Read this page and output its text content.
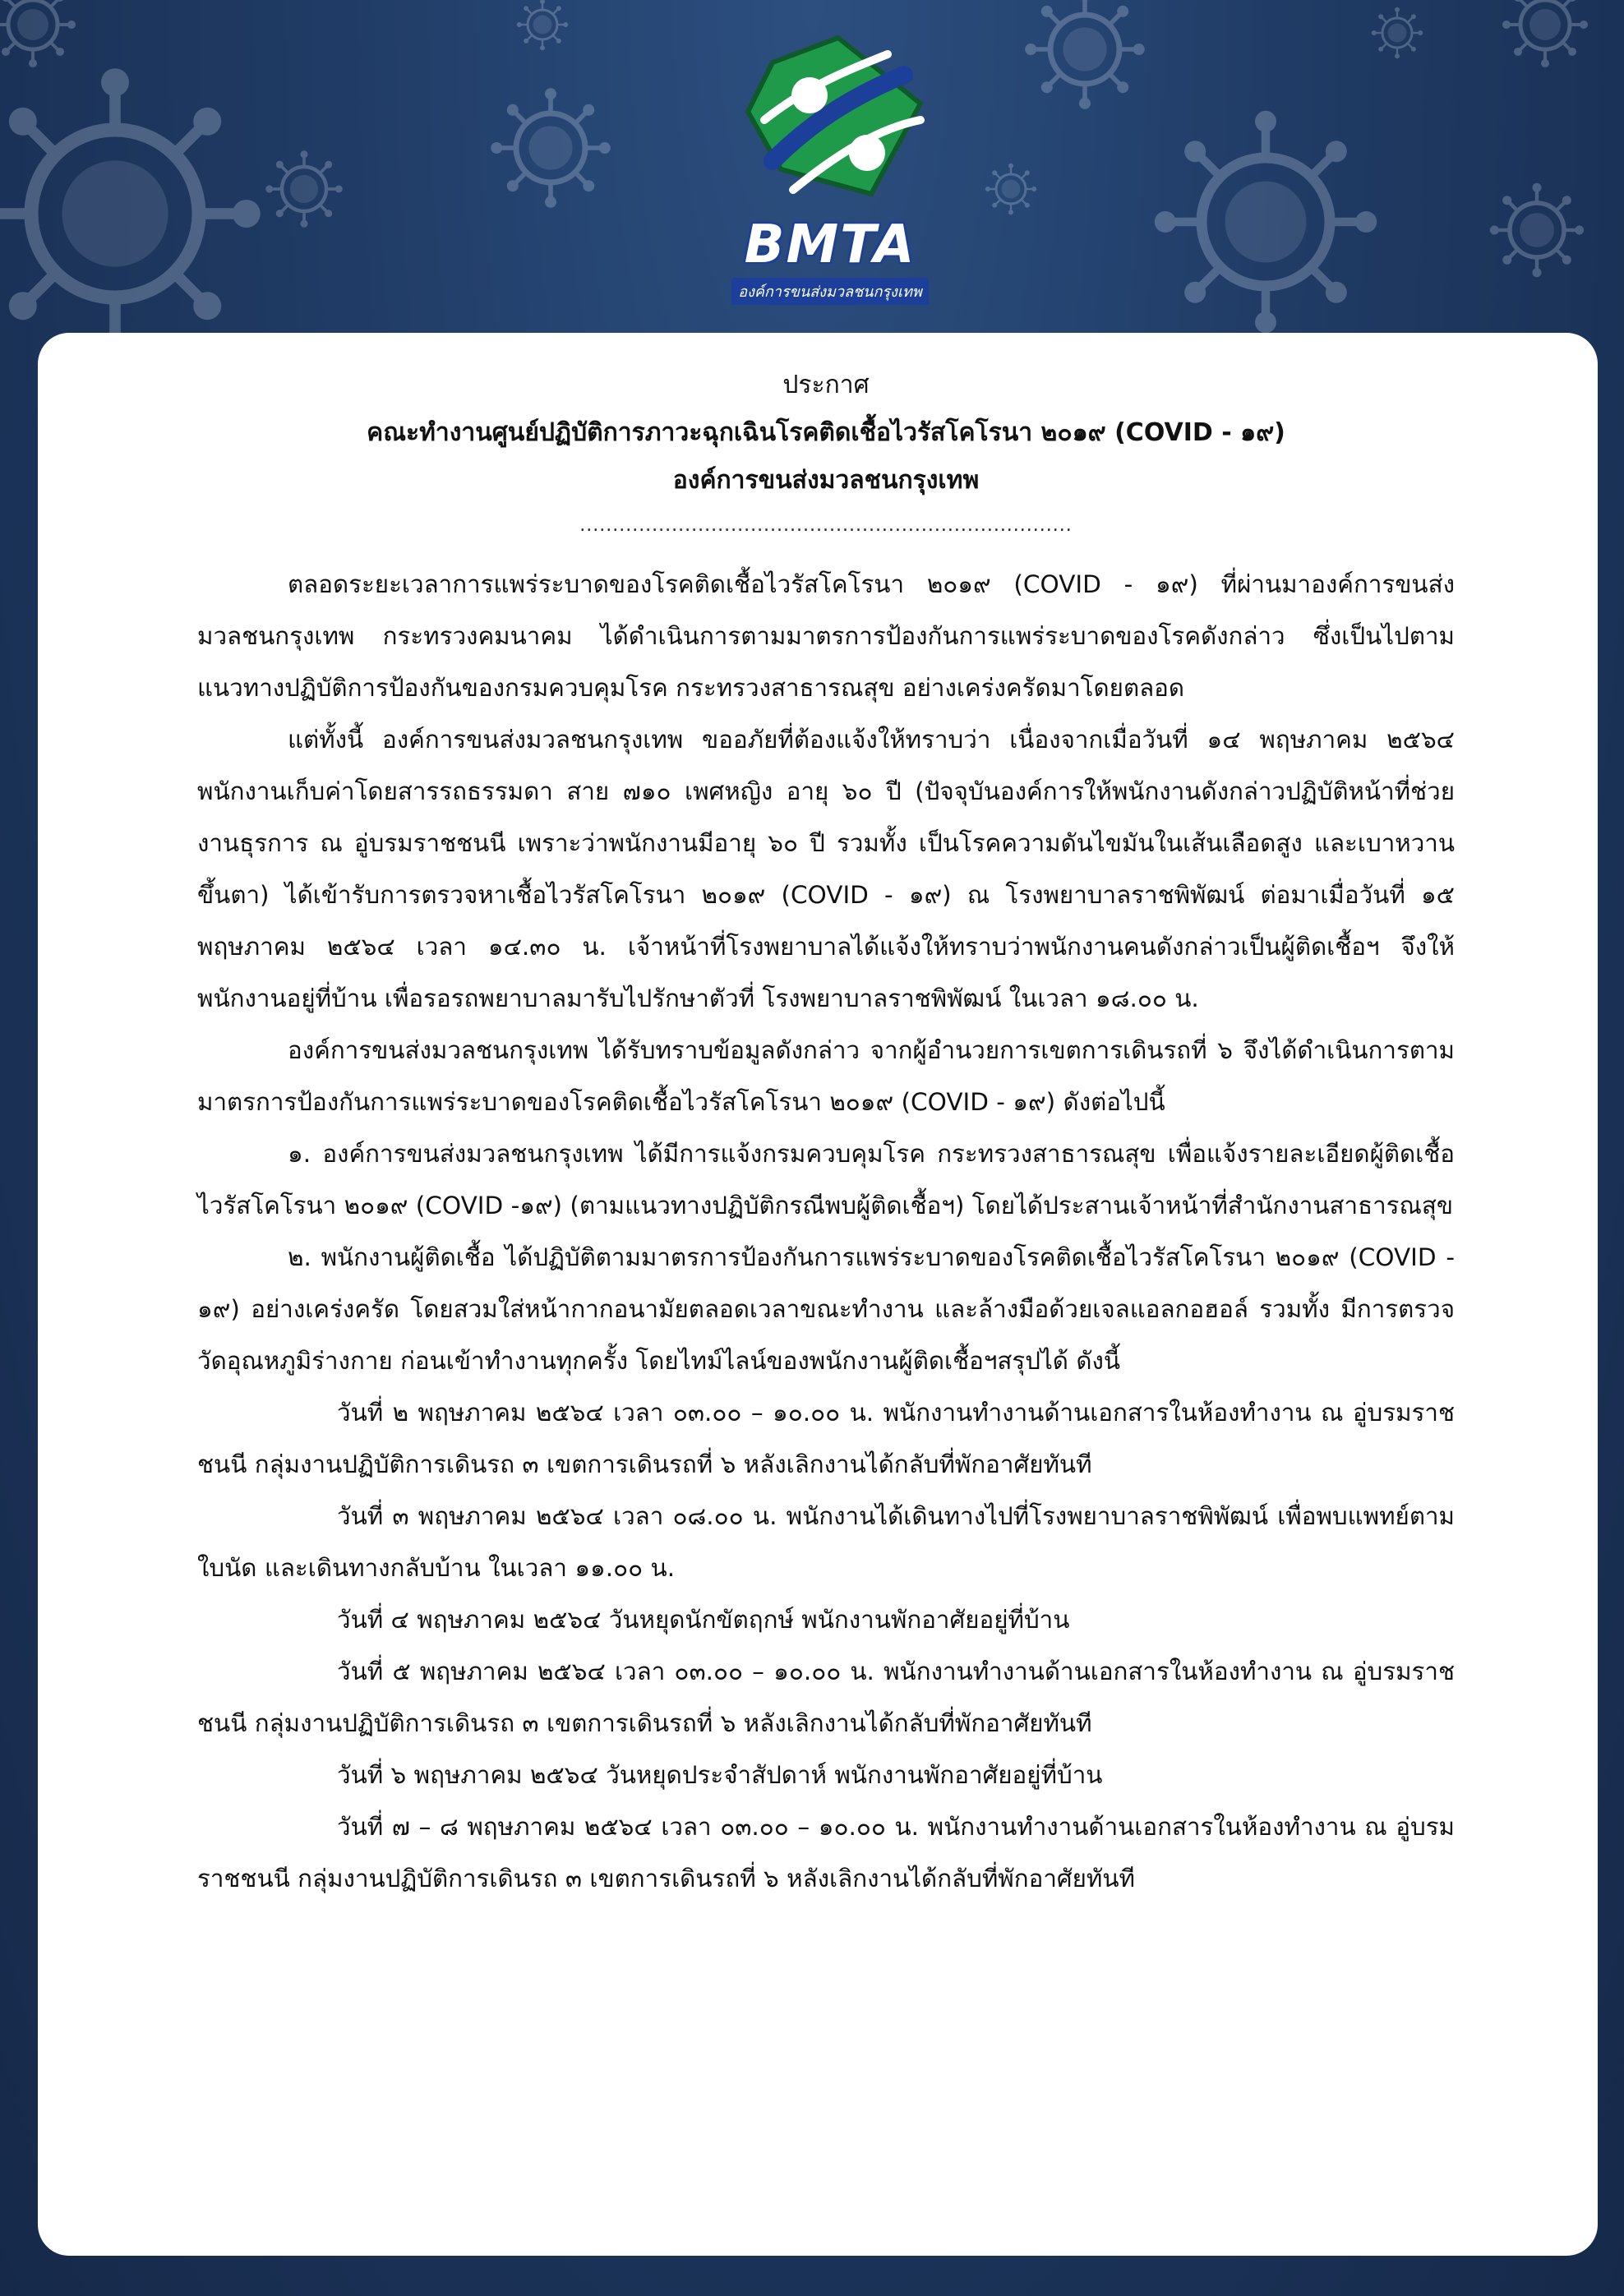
BMTA
องค์การขนส่งมวลชนกรุงเทพ

ประกาศ

คณะทำงานศูนย์ปฏิบัติการภาวะฉุกเฉินโรคติดเชื้อไวรัสโคโรนา ๒๐๑๙ (COVID - ๑๙)

องค์การขนส่งมวลชนกรุงเทพ

...........................................................................

ตลอดระยะเวลาการแพร่ระบาดของโรคติดเชื้อไวรัสโคโรนา ๒๐๑๙ (COVID - ๑๙) ที่ผ่านมาองค์การขนส่งมวลชนกรุงเทพ กระทรวงคมนาคม ได้ดำเนินการตามมาตรการป้องกันการแพร่ระบาดของโรคดังกล่าว ซึ่งเป็นไปตามแนวทางปฏิบัติการป้องกันของกรมควบคุมโรค กระทรวงสาธารณสุข อย่างเคร่งครัดมาโดยตลอด

แต่ทั้งนี้ องค์การขนส่งมวลชนกรุงเทพ ขออภัยที่ต้องแจ้งให้ทราบว่า เนื่องจากเมื่อวันที่ ๑๔ พฤษภาคม ๒๕๖๔ พนักงานเก็บค่าโดยสารรถธรรมดา สาย ๗๑๐ เพศหญิง อายุ ๖๐ ปี (ปัจจุบันองค์การให้พนักงานดังกล่าวปฏิบัติหน้าที่ช่วยงานธุรการ ณ อู่บรมราชชนนี เพราะว่าพนักงานมีอายุ ๖๐ ปี รวมทั้ง เป็นโรคความดันไขมันในเส้นเลือดสูง และเบาหวานขึ้นตา) ได้เข้ารับการตรวจหาเชื้อไวรัสโคโรนา ๒๐๑๙ (COVID - ๑๙) ณ โรงพยาบาลราชพิพัฒน์ ต่อมาเมื่อวันที่ ๑๕ พฤษภาคม ๒๕๖๔ เวลา ๑๔.๓๐ น. เจ้าหน้าที่โรงพยาบาลได้แจ้งให้ทราบว่าพนักงานคนดังกล่าวเป็นผู้ติดเชื้อฯ จึงให้พนักงานอยู่ที่บ้าน เพื่อรอรถพยาบาลมารับไปรักษาตัวที่ โรงพยาบาลราชพิพัฒน์ ในเวลา ๑๘.๐๐ น.

องค์การขนส่งมวลชนกรุงเทพ ได้รับทราบข้อมูลดังกล่าว จากผู้อำนวยการเขตการเดินรถที่ ๖ จึงได้ดำเนินการตามมาตรการป้องกันการแพร่ระบาดของโรคติดเชื้อไวรัสโคโรนา ๒๐๑๙ (COVID - ๑๙) ดังต่อไปนี้

๑. องค์การขนส่งมวลชนกรุงเทพ ได้มีการแจ้งกรมควบคุมโรค กระทรวงสาธารณสุข เพื่อแจ้งรายละเอียดผู้ติดเชื้อไวรัสโคโรนา ๒๐๑๙ (COVID -๑๙) (ตามแนวทางปฏิบัติกรณีพบผู้ติดเชื้อฯ) โดยได้ประสานเจ้าหน้าที่สำนักงานสาธารณสุข

๒. พนักงานผู้ติดเชื้อ ได้ปฏิบัติตามมาตรการป้องกันการแพร่ระบาดของโรคติดเชื้อไวรัสโคโรนา ๒๐๑๙ (COVID - ๑๙) อย่างเคร่งครัด โดยสวมใส่หน้ากากอนามัยตลอดเวลาขณะทำงาน และล้างมือด้วยเจลแอลกอฮอล์ รวมทั้ง มีการตรวจวัดอุณหภูมิร่างกาย ก่อนเข้าทำงานทุกครั้ง โดยไทม์ไลน์ของพนักงานผู้ติดเชื้อฯสรุปได้ ดังนี้

วันที่ ๒ พฤษภาคม ๒๕๖๔ เวลา ๐๓.๐๐ – ๑๐.๐๐ น. พนักงานทำงานด้านเอกสารในห้องทำงาน ณ อู่บรมราชชนนี กลุ่มงานปฏิบัติการเดินรถ ๓ เขตการเดินรถที่ ๖ หลังเลิกงานได้กลับที่พักอาศัยทันที

วันที่ ๓ พฤษภาคม ๒๕๖๔ เวลา ๐๘.๐๐ น. พนักงานได้เดินทางไปที่โรงพยาบาลราชพิพัฒน์ เพื่อพบแพทย์ตามใบนัด และเดินทางกลับบ้าน ในเวลา ๑๑.๐๐ น.

วันที่ ๔ พฤษภาคม ๒๕๖๔ วันหยุดนักขัตฤกษ์ พนักงานพักอาศัยอยู่ที่บ้าน

วันที่ ๕ พฤษภาคม ๒๕๖๔ เวลา ๐๓.๐๐ – ๑๐.๐๐ น. พนักงานทำงานด้านเอกสารในห้องทำงาน ณ อู่บรมราชชนนี กลุ่มงานปฏิบัติการเดินรถ ๓ เขตการเดินรถที่ ๖ หลังเลิกงานได้กลับที่พักอาศัยทันที

วันที่ ๖ พฤษภาคม ๒๕๖๔ วันหยุดประจำสัปดาห์ พนักงานพักอาศัยอยู่ที่บ้าน

วันที่ ๗ – ๘ พฤษภาคม ๒๕๖๔ เวลา ๐๓.๐๐ – ๑๐.๐๐ น. พนักงานทำงานด้านเอกสารในห้องทำงาน ณ อู่บรมราชชนนี กลุ่มงานปฏิบัติการเดินรถ ๓ เขตการเดินรถที่ ๖ หลังเลิกงานได้กลับที่พักอาศัยทันที
